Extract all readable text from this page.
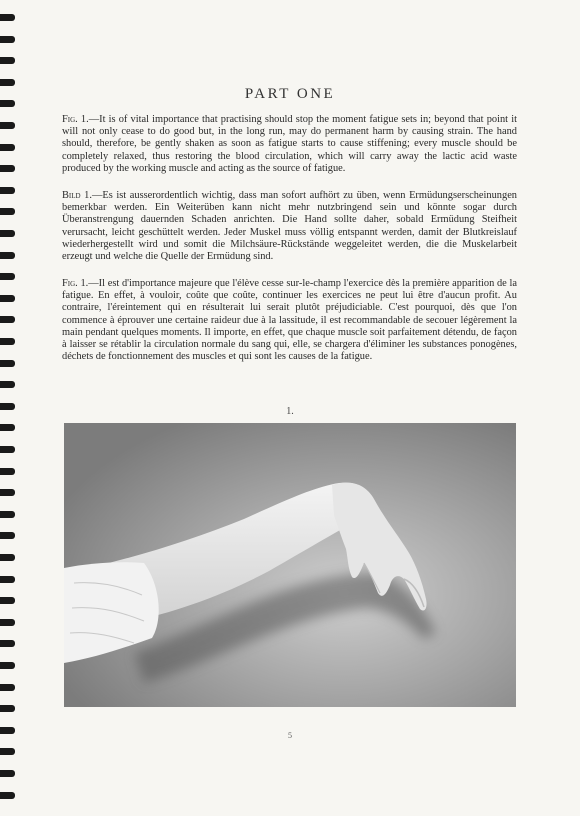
PART ONE

Fig. 1.—It is of vital importance that practising should stop the moment fatigue sets in; beyond that point it will not only cease to do good but, in the long run, may do permanent harm by causing strain. The hand should, therefore, be gently shaken as soon as fatigue starts to cause stiffening; every muscle should be completely relaxed, thus restoring the blood circulation, which will carry away the lactic acid waste produced by the working muscle and acting as the source of fatigue.

Bild 1.—Es ist ausserordentlich wichtig, dass man sofort aufhört zu üben, wenn Ermüdungserscheinungen bemerkbar werden. Ein Weiterüben kann nicht mehr nutzbringend sein und könnte sogar durch Überanstrengung dauernden Schaden anrichten. Die Hand sollte daher, sobald Ermüdung Steifheit verursacht, leicht geschüttelt werden. Jeder Muskel muss völlig entspannt werden, damit der Blutkreislauf wiederhergestellt wird und somit die Milchsäure-Rückstände weggeleitet werden, die die Muskelarbeit erzeugt und welche die Quelle der Ermüdung sind.

Fig. 1.—Il est d'importance majeure que l'élève cesse sur-le-champ l'exercice dès la première apparition de la fatigue. En effet, à vouloir, coûte que coûte, continuer les exercices ne peut lui être d'aucun profit. Au contraire, l'éreintement qui en résulterait lui serait plutôt préjudiciable. C'est pourquoi, dès que l'on commence à éprouver une certaine raideur due à la lassitude, il est recommandable de secouer légèrement la main pendant quelques moments. Il importe, en effet, que chaque muscle soit parfaitement détendu, de façon à laisser se rétablir la circulation normale du sang qui, elle, se chargera d'éliminer les substances ponogènes, déchets de fonctionnement des muscles et qui sont les causes de la fatigue.

1.
5
